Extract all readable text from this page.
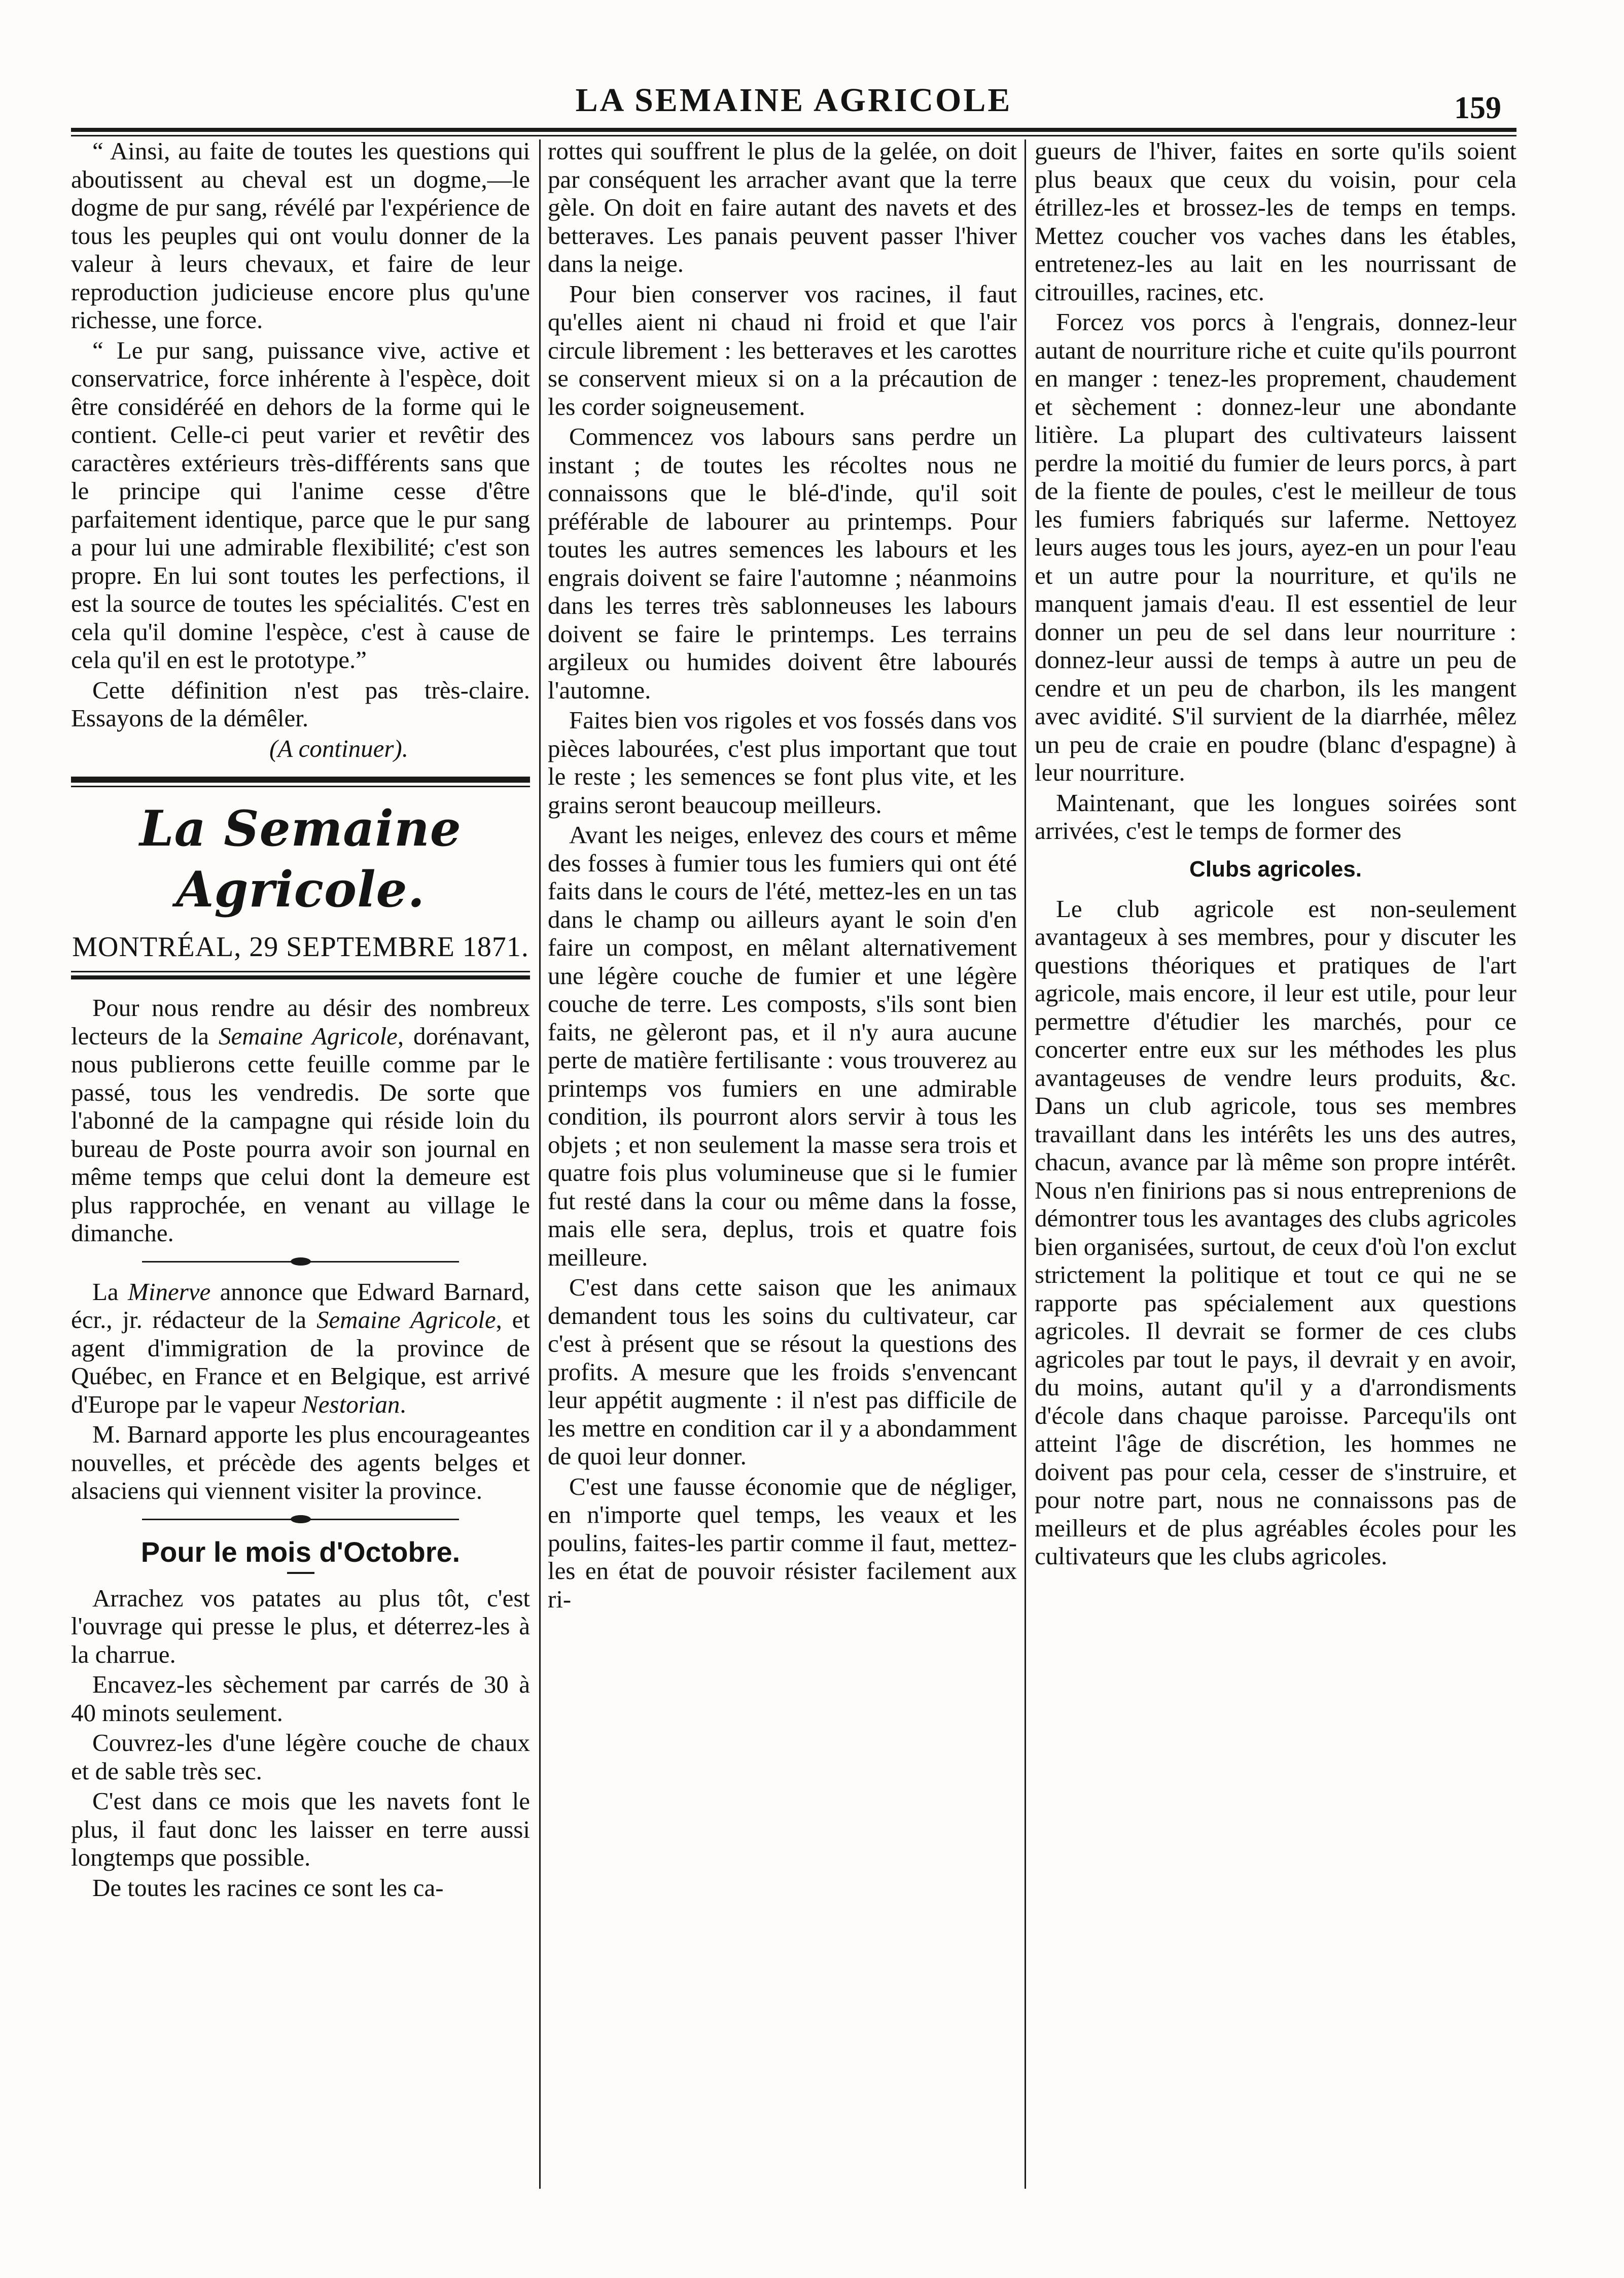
LA SEMAINE AGRICOLE	159

“ Ainsi, au faite de toutes les questions qui aboutissent au cheval est un dogme,—le dogme de pur sang, révélé par l'expérience de tous les peuples qui ont voulu donner de la valeur à leurs chevaux, et faire de leur reproduction judicieuse encore plus qu'une richesse, une force.

“ Le pur sang, puissance vive, active et conservatrice, force inhérente à l'espèce, doit être considéréé en dehors de la forme qui le contient. Celle-ci peut varier et revêtir des caractères extérieurs très-différents sans que le principe qui l'anime cesse d'être parfaitement identique, parce que le pur sang a pour lui une admirable flexibilité; c'est son propre. En lui sont toutes les perfections, il est la source de toutes les spécialités. C'est en cela qu'il domine l'espèce, c'est à cause de cela qu'il en est le prototype.”

Cette définition n'est pas très-claire. Essayons de la démêler.

(A continuer).

La Semaine Agricole.
MONTRÉAL, 29 SEPTEMBRE 1871.

Pour nous rendre au désir des nombreux lecteurs de la Semaine Agricole, dorénavant, nous publierons cette feuille comme par le passé, tous les vendredis. De sorte que l'abonné de la campagne qui réside loin du bureau de Poste pourra avoir son journal en même temps que celui dont la demeure est plus rapprochée, en venant au village le dimanche.

La Minerve annonce que Edward Barnard, écr., jr. rédacteur de la Semaine Agricole, et agent d'immigration de la province de Québec, en France et en Belgique, est arrivé d'Europe par le vapeur Nestorian.

M. Barnard apporte les plus encourageantes nouvelles, et précède des agents belges et alsaciens qui viennent visiter la province.

Pour le mois d'Octobre.

Arrachez vos patates au plus tôt, c'est l'ouvrage qui presse le plus, et déterrez-les à la charrue.

Encavez-les sèchement par carrés de 30 à 40 minots seulement.

Couvrez-les d'une légère couche de chaux et de sable très sec.

C'est dans ce mois que les navets font le plus, il faut donc les laisser en terre aussi longtemps que possible.

De toutes les racines ce sont les ca-

rottes qui souffrent le plus de la gelée, on doit par conséquent les arracher avant que la terre gèle. On doit en faire autant des navets et des betteraves. Les panais peuvent passer l'hiver dans la neige.

Pour bien conserver vos racines, il faut qu'elles aient ni chaud ni froid et que l'air circule librement : les betteraves et les carottes se conservent mieux si on a la précaution de les corder soigneusement.

Commencez vos labours sans perdre un instant ; de toutes les récoltes nous ne connaissons que le blé-d'inde, qu'il soit préférable de labourer au printemps. Pour toutes les autres semences les labours et les engrais doivent se faire l'automne ; néanmoins dans les terres très sablonneuses les labours doivent se faire le printemps. Les terrains argileux ou humides doivent être labourés l'automne.

Faites bien vos rigoles et vos fossés dans vos pièces labourées, c'est plus important que tout le reste ; les semences se font plus vite, et les grains seront beaucoup meilleurs.

Avant les neiges, enlevez des cours et même des fosses à fumier tous les fumiers qui ont été faits dans le cours de l'été, mettez-les en un tas dans le champ ou ailleurs ayant le soin d'en faire un compost, en mêlant alternativement une légère couche de fumier et une légère couche de terre. Les composts, s'ils sont bien faits, ne gèleront pas, et il n'y aura aucune perte de matière fertilisante : vous trouverez au printemps vos fumiers en une admirable condition, ils pourront alors servir à tous les objets ; et non seulement la masse sera trois et quatre fois plus volumineuse que si le fumier fut resté dans la cour ou même dans la fosse, mais elle sera, deplus, trois et quatre fois meilleure.

C'est dans cette saison que les animaux demandent tous les soins du cultivateur, car c'est à présent que se résout la questions des profits. A mesure que les froids s'envencant leur appétit augmente : il n'est pas difficile de les mettre en condition car il y a abondamment de quoi leur donner.

C'est une fausse économie que de négliger, en n'importe quel temps, les veaux et les poulins, faites-les partir comme il faut, mettez-les en état de pouvoir résister facilement aux ri-

gueurs de l'hiver, faites en sorte qu'ils soient plus beaux que ceux du voisin, pour cela étrillez-les et brossez-les de temps en temps. Mettez coucher vos vaches dans les étables, entretenez-les au lait en les nourrissant de citrouilles, racines, etc.

Forcez vos porcs à l'engrais, donnez-leur autant de nourriture riche et cuite qu'ils pourront en manger : tenez-les proprement, chaudement et sèchement : donnez-leur une abondante litière. La plupart des cultivateurs laissent perdre la moitié du fumier de leurs porcs, à part de la fiente de poules, c'est le meilleur de tous les fumiers fabriqués sur laferme. Nettoyez leurs auges tous les jours, ayez-en un pour l'eau et un autre pour la nourriture, et qu'ils ne manquent jamais d'eau. Il est essentiel de leur donner un peu de sel dans leur nourriture : donnez-leur aussi de temps à autre un peu de cendre et un peu de charbon, ils les mangent avec avidité. S'il survient de la diarrhée, mêlez un peu de craie en poudre (blanc d'espagne) à leur nourriture.

Maintenant, que les longues soirées sont arrivées, c'est le temps de former des

Clubs agricoles.

Le club agricole est non-seulement avantageux à ses membres, pour y discuter les questions théoriques et pratiques de l'art agricole, mais encore, il leur est utile, pour leur permettre d'étudier les marchés, pour ce concerter entre eux sur les méthodes les plus avantageuses de vendre leurs produits, &c. Dans un club agricole, tous ses membres travaillant dans les intérêts les uns des autres, chacun, avance par là même son propre intérêt. Nous n'en finirions pas si nous entreprenions de démontrer tous les avantages des clubs agricoles bien organisées, surtout, de ceux d'où l'on exclut strictement la politique et tout ce qui ne se rapporte pas spécialement aux questions agricoles. Il devrait se former de ces clubs agricoles par tout le pays, il devrait y en avoir, du moins, autant qu'il y a d'arrondisments d'école dans chaque paroisse. Parcequ'ils ont atteint l'âge de discrétion, les hommes ne doivent pas pour cela, cesser de s'instruire, et pour notre part, nous ne connaissons pas de meilleurs et de plus agréables écoles pour les cultivateurs que les clubs agricoles.
